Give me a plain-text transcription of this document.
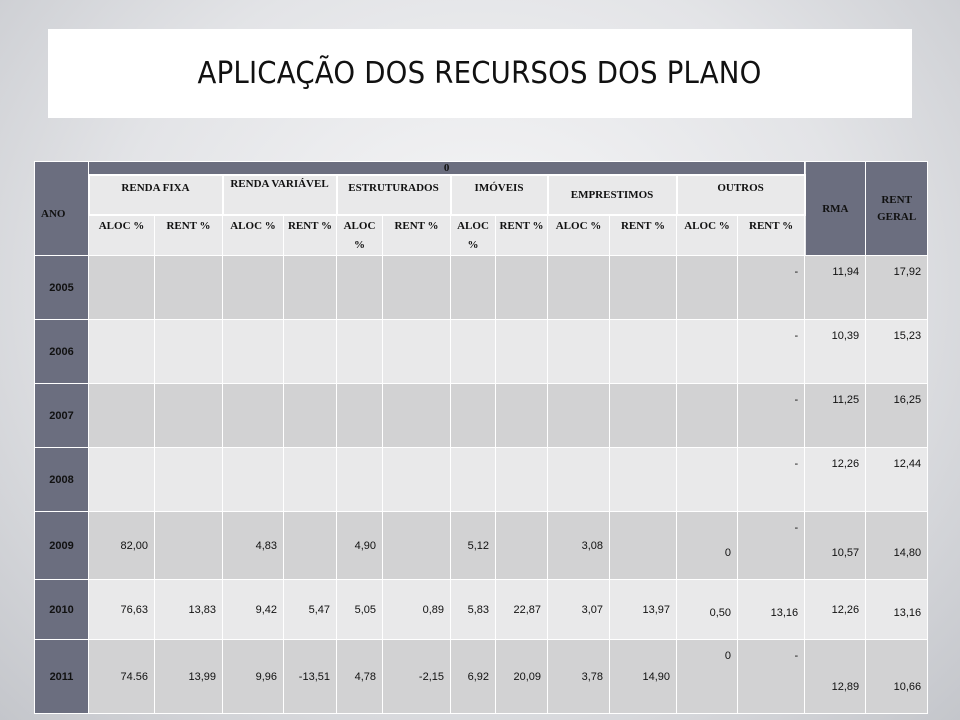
APLICAÇÃO DOS RECURSOS DOS PLANO
ANO	0												RMA	RENT GERAL
	RENDA FIXA		RENDA VARIÁVEL		ESTRUTURADOS		IMÓVEIS		EMPRESTIMOS		OUTROS			
	ALOC %	RENT %	ALOC %	RENT %	ALOC %	RENT %	ALOC %	RENT %	ALOC %	RENT %	ALOC %	RENT %		
2005												-	11,94	17,92
2006												-	10,39	15,23
2007												-	11,25	16,25
2008												-	12,26	12,44
2009	82,00		4,83		4,90		5,12		3,08		0	-	10,57	14,80
2010	76,63	13,83	9,42	5,47	5,05	0,89	5,83	22,87	3,07	13,97	0,50	13,16	12,26	13,16
2011	74.56	13,99	9,96	-13,51	4,78	-2,15	6,92	20,09	3,78	14,90	0	-	12,89	10,66
